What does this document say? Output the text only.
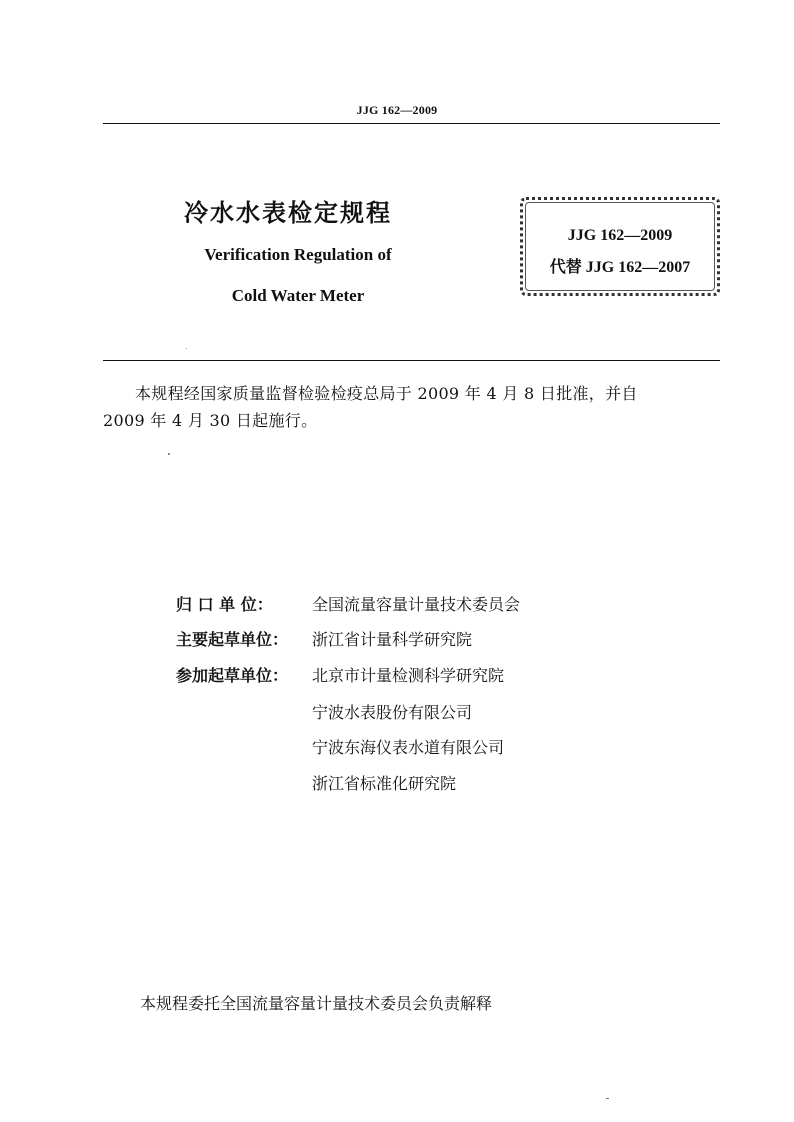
JJG 162—2009
冷水水表检定规程
Verification Regulation of
Cold Water Meter
JJG 162—2009
代替 JJG 162—2007
本规程经国家质量监督检验检疫总局于 2009 年 4 月 8 日批准，并自
2009 年 4 月 30 日起施行。
归 口 单 位： 全国流量容量计量技术委员会
主要起草单位： 浙江省计量科学研究院
参加起草单位： 北京市计量检测科学研究院
宁波水表股份有限公司
宁波东海仪表水道有限公司
浙江省标准化研究院
本规程委托全国流量容量计量技术委员会负责解释
